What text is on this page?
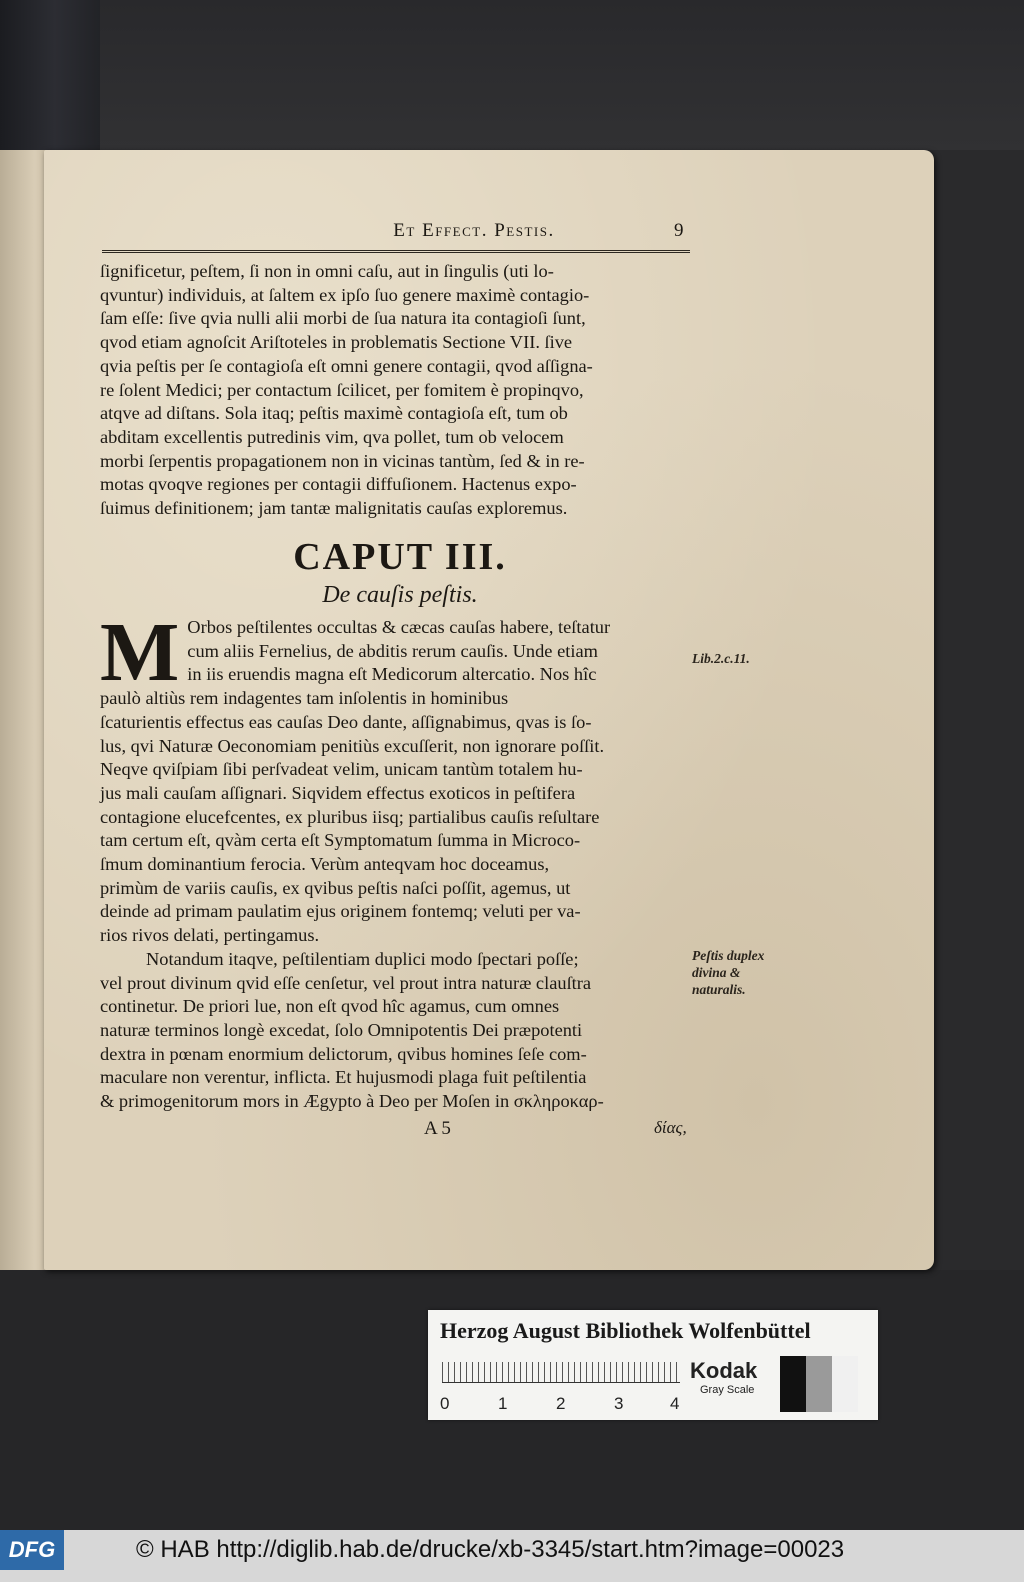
Et Effect. Pestis.	9

ſignificetur, peſtem, ſi non in omni caſu, aut in ſingulis (uti lo-

qvuntur) individuis, at ſaltem ex ipſo ſuo genere maximè contagio-

ſam eſſe: ſive qvia nulli alii morbi de ſua natura ita contagioſi ſunt,

qvod etiam agnoſcit Ariſtoteles in problematis Sectione VII. ſive

qvia peſtis per ſe contagioſa eſt omni genere contagii, qvod aſſigna-

re ſolent Medici; per contactum ſcilicet, per fomitem è propinqvo,

atqve ad diſtans. Sola itaq; peſtis maximè contagioſa eſt, tum ob

abditam excellentis putredinis vim, qva pollet, tum ob velocem

morbi ſerpentis propagationem non in vicinas tantùm, ſed & in re-

motas qvoqve regiones per contagii diffuſionem. Hactenus expo-

ſuimus definitionem; jam tantæ malignitatis cauſas exploremus.

CAPUT III.
De cauſis peſtis.
M Orbos peſtilentes occultas & cæcas cauſas habere, teſtatur

cum aliis Fernelius, de abditis rerum cauſis. Unde etiam

in iis eruendis magna eſt Medicorum altercatio. Nos hîc

paulò altiùs rem indagentes tam inſolentis in hominibus

ſcaturientis effectus eas cauſas Deo dante, aſſignabimus, qvas is ſo-

lus, qvi Naturæ Oeconomiam penitiùs excuſſerit, non ignorare poſſit.

Neqve qviſpiam ſibi perſvadeat velim, unicam tantùm totalem hu-

jus mali cauſam aſſignari. Siqvidem effectus exoticos in peſtifera

contagione elucefcentes, ex pluribus iisq; partialibus cauſis reſultare

tam certum eſt, qvàm certa eſt Symptomatum ſumma in Microco-

ſmum dominantium ferocia. Verùm anteqvam hoc doceamus,

primùm de variis cauſis, ex qvibus peſtis naſci poſſit, agemus, ut

deinde ad primam paulatim ejus originem fontemq; veluti per va-

rios rivos delati, pertingamus.

Notandum itaqve, peſtilentiam duplici modo ſpectari poſſe;

vel prout divinum qvid eſſe cenſetur, vel prout intra naturæ clauſtra

continetur. De priori lue, non eſt qvod hîc agamus, cum omnes

naturæ terminos longè excedat, ſolo Omnipotentis Dei præpotenti

dextra in pœnam enormium delictorum, qvibus homines ſeſe com-

maculare non verentur, inflicta. Et hujusmodi plaga fuit peſtilentia

& primogenitorum mors in Ægypto à Deo per Moſen in σκληροκαρ-

Lib.2.c.11.
Peſtis duplex divina & naturalis.
A 5	δίας,
Herzog August Bibliothek Wolfenbüttel
0	1	2	3	4
Kodak
Gray Scale
DFG	© HAB http://diglib.hab.de/drucke/xb-3345/start.htm?image=00023
